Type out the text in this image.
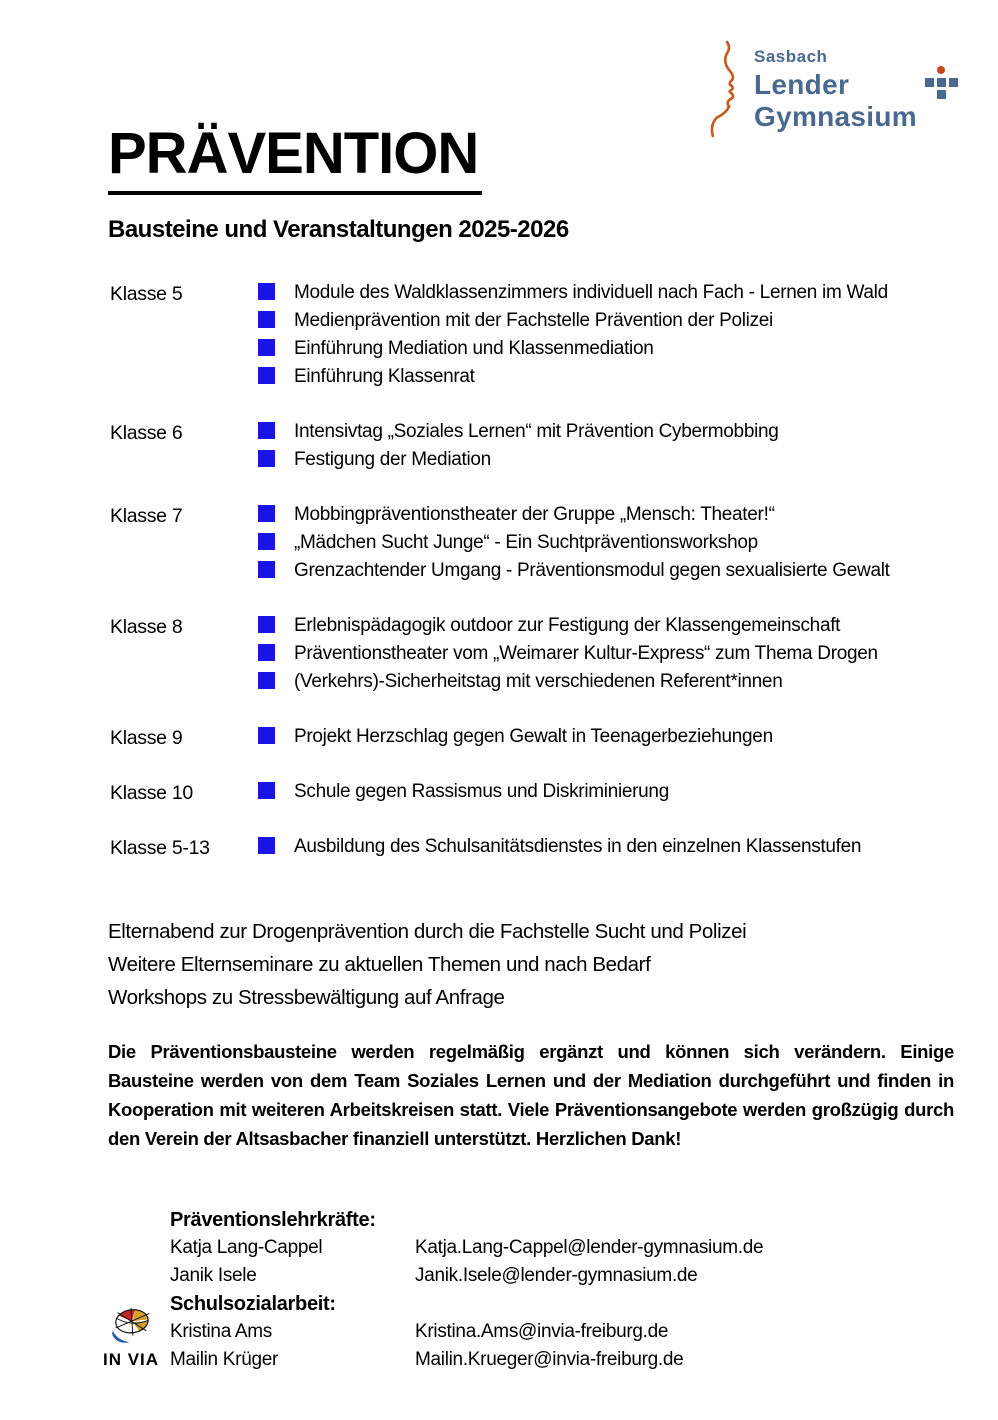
Sasbach
Lender
Gymnasium
PRÄVENTION
Bausteine und Veranstaltungen 2025-2026
Klasse 5	Module des Waldklassenzimmers individuell nach Fach - Lernen im Wald
Medienprävention mit der Fachstelle Prävention der Polizei
Einführung Mediation und Klassenmediation
Einführung Klassenrat
Klasse 6	Intensivtag „Soziales Lernen“ mit Prävention Cybermobbing
Festigung der Mediation
Klasse 7	Mobbingpräventionstheater der Gruppe „Mensch: Theater!“
„Mädchen Sucht Junge“ - Ein Suchtpräventionsworkshop
Grenzachtender Umgang - Präventionsmodul gegen sexualisierte Gewalt
Klasse 8	Erlebnispädagogik outdoor zur Festigung der Klassengemeinschaft
Präventionstheater vom „Weimarer Kultur-Express“ zum Thema Drogen
(Verkehrs)-Sicherheitstag mit verschiedenen Referent*innen
Klasse 9	Projekt Herzschlag gegen Gewalt in Teenagerbeziehungen
Klasse 10	Schule gegen Rassismus und Diskriminierung
Klasse 5-13	Ausbildung des Schulsanitätsdienstes in den einzelnen Klassenstufen
Elternabend zur Drogenprävention durch die Fachstelle Sucht und Polizei
Weitere Elternseminare zu aktuellen Themen und nach Bedarf
Workshops zu Stressbewältigung auf Anfrage

Die Präventionsbausteine werden regelmäßig ergänzt und können sich verändern. Einige Bausteine werden von dem Team Soziales Lernen und der Mediation durchgeführt und finden in Kooperation mit weiteren Arbeitskreisen statt. Viele Präventionsangebote werden großzügig durch den Verein der Altsasbacher finanziell unterstützt. Herzlichen Dank!

Präventionslehrkräfte:
Katja Lang-Cappel	Katja.Lang-Cappel@lender-gymnasium.de
Janik Isele	Janik.Isele@lender-gymnasium.de
Schulsozialarbeit:
Kristina Ams	Kristina.Ams@invia-freiburg.de
Mailin Krüger	Mailin.Krueger@invia-freiburg.de
IN VIA
